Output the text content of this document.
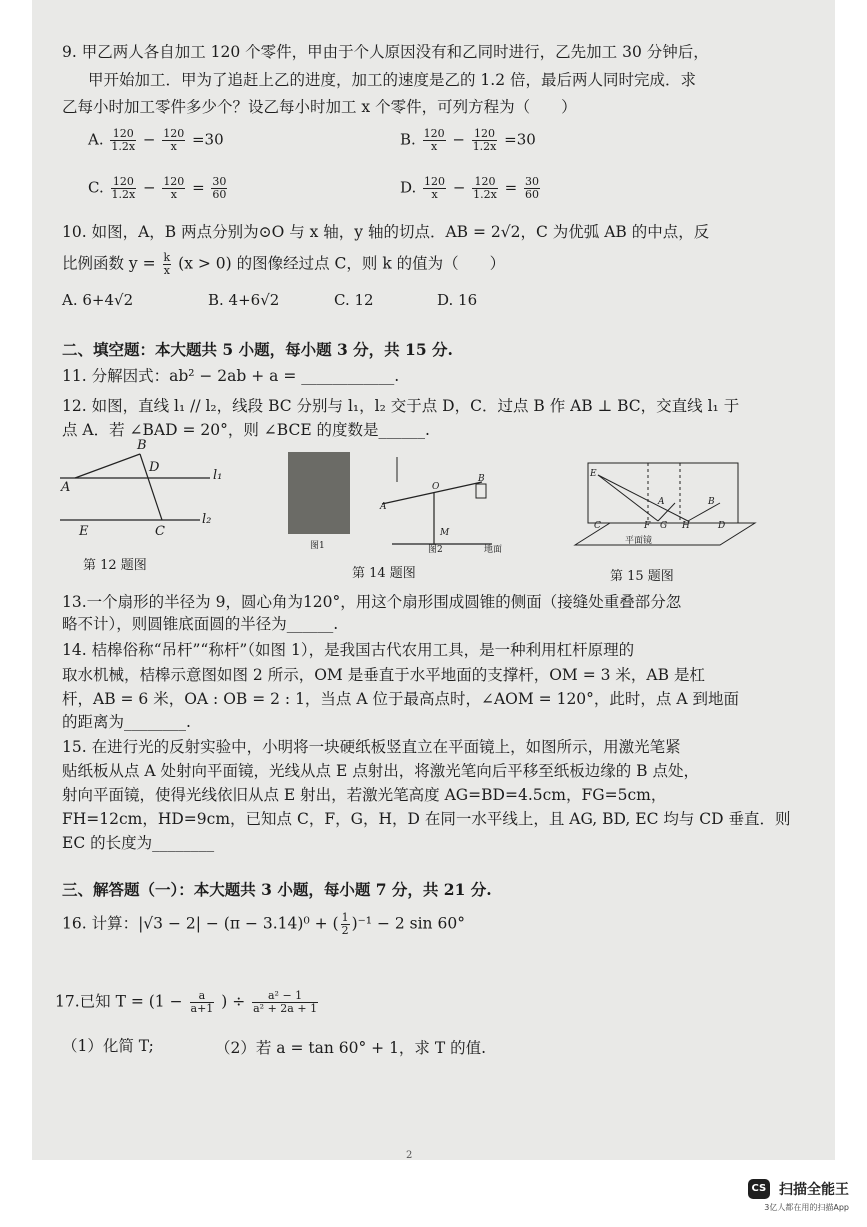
9. 甲乙两人各自加工 120 个零件，甲由于个人原因没有和乙同时进行，乙先加工 30 分钟后，
甲开始加工．甲为了追赶上乙的进度，加工的速度是乙的 1.2 倍，最后两人同时完成．求
乙每小时加工零件多少个？设乙每小时加工 x 个零件，可列方程为（　　）
A. $\frac{120}{1.2x} - \frac{120}{x} =30$	B. $\frac{120}{x} - \frac{120}{1.2x} =30$
C. $\frac{120}{1.2x} - \frac{120}{x} = \frac{30}{60}$	D. $\frac{120}{x} - \frac{120}{1.2x} = \frac{30}{60}$
10. 如图，A，B 两点分别为⊙O 与 x 轴，y 轴的切点．AB = 2√2，C 为优弧 AB 的中点，反
比例函数 $y = \frac{k}{x} (x > 0)$ 的图像经过点 C，则 k 的值为（　　）
A. 6+4√2	B. 4+6√2	C. 12	D. 16
二、填空题：本大题共 5 小题，每小题 3 分，共 15 分.
11. 分解因式：ab² − 2ab + a = ____________.
12. 如图，直线 l₁ // l₂，线段 BC 分别与 l₁，l₂ 交于点 D，C．过点 B 作 AB ⊥ BC，交直线 l₁ 于
点 A．若 ∠BAD = 20°，则 ∠BCE 的度数是______.
B
D
A
l₁
E	C
l₂
第 12 题图
图1
A
O
B
M
图2	地面
第 14 题图
E
A	B
C	F G H	D
平面镜
第 15 题图
13.一个扇形的半径为 9，圆心角为120°，用这个扇形围成圆锥的侧面（接缝处重叠部分忽
略不计），则圆锥底面圆的半径为______.
14. 桔槔俗称“吊杆”“称杆”（如图 1），是我国古代农用工具，是一种利用杠杆原理的
取水机械，桔槔示意图如图 2 所示，OM 是垂直于水平地面的支撑杆，OM = 3 米，AB 是杠
杆，AB = 6 米，OA : OB = 2 : 1，当点 A 位于最高点时，∠AOM = 120°，此时，点 A 到地面
的距离为________.
15. 在进行光的反射实验中，小明将一块硬纸板竖直立在平面镜上，如图所示，用激光笔紧
贴纸板从点 A 处射向平面镜，光线从点 E 点射出，将激光笔向后平移至纸板边缘的 B 点处，
射向平面镜，使得光线依旧从点 E 射出，若激光笔高度 AG=BD=4.5cm，FG=5cm，
FH=12cm，HD=9cm，已知点 C，F，G，H，D 在同一水平线上，且 AG, BD, EC 均与 CD 垂直．则
EC 的长度为________
三、解答题（一）：本大题共 3 小题，每小题 7 分，共 21 分.
16. 计算：|√3 − 2| − (π − 3.14)⁰ + ( $\frac{1}{2} )^{-1} - 2$ sin 60°
17.已知 $T = (1 - \frac{a}{a+1}$ ) ÷ $\frac{\text{a² − 1}}{\text{a² + 2a + 1}}$
（1）化简 T;	（2）若 a = tan 60° + 1，求 T 的值.
2
CS 扫描全能王
3亿人都在用的扫描App
